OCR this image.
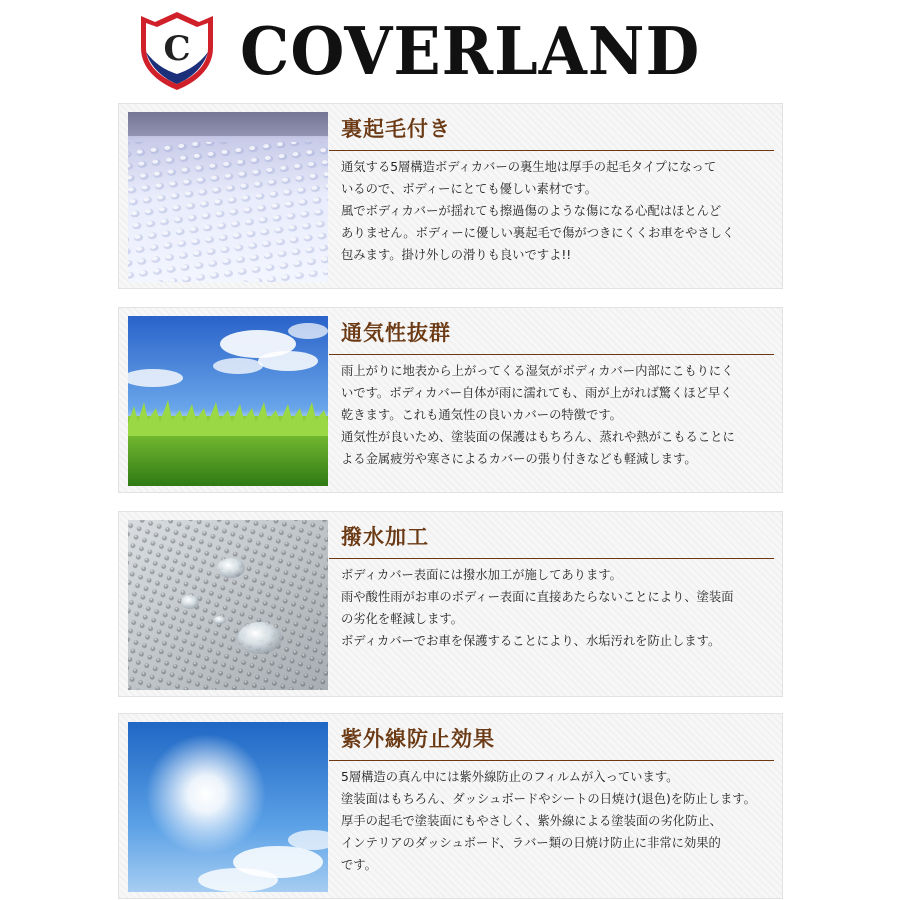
C COVERLAND
裏起毛付き

通気する5層構造ボディカバーの裏生地は厚手の起毛タイプになって

いるので、ボディーにとても優しい素材です。

風でボディカバーが揺れても擦過傷のような傷になる心配はほとんど

ありません。ボディーに優しい裏起毛で傷がつきにくくお車をやさしく

包みます。掛け外しの滑りも良いですよ!!

通気性抜群

雨上がりに地表から上がってくる湿気がボディカバー内部にこもりにく

いです。ボディカバー自体が雨に濡れても、雨が上がれば驚くほど早く

乾きます。これも通気性の良いカバーの特徴です。

通気性が良いため、塗装面の保護はもちろん、蒸れや熱がこもることに

よる金属疲労や寒さによるカバーの張り付きなども軽減します。

撥水加工

ボディカバー表面には撥水加工が施してあります。

雨や酸性雨がお車のボディー表面に直接あたらないことにより、塗装面

の劣化を軽減します。

ボディカバーでお車を保護することにより、水垢汚れを防止します。

紫外線防止効果

5層構造の真ん中には紫外線防止のフィルムが入っています。

塗装面はもちろん、ダッシュボードやシートの日焼け(退色)を防止します。

厚手の起毛で塗装面にもやさしく、紫外線による塗装面の劣化防止、

インテリアのダッシュボード、ラバー類の日焼け防止に非常に効果的

です。
